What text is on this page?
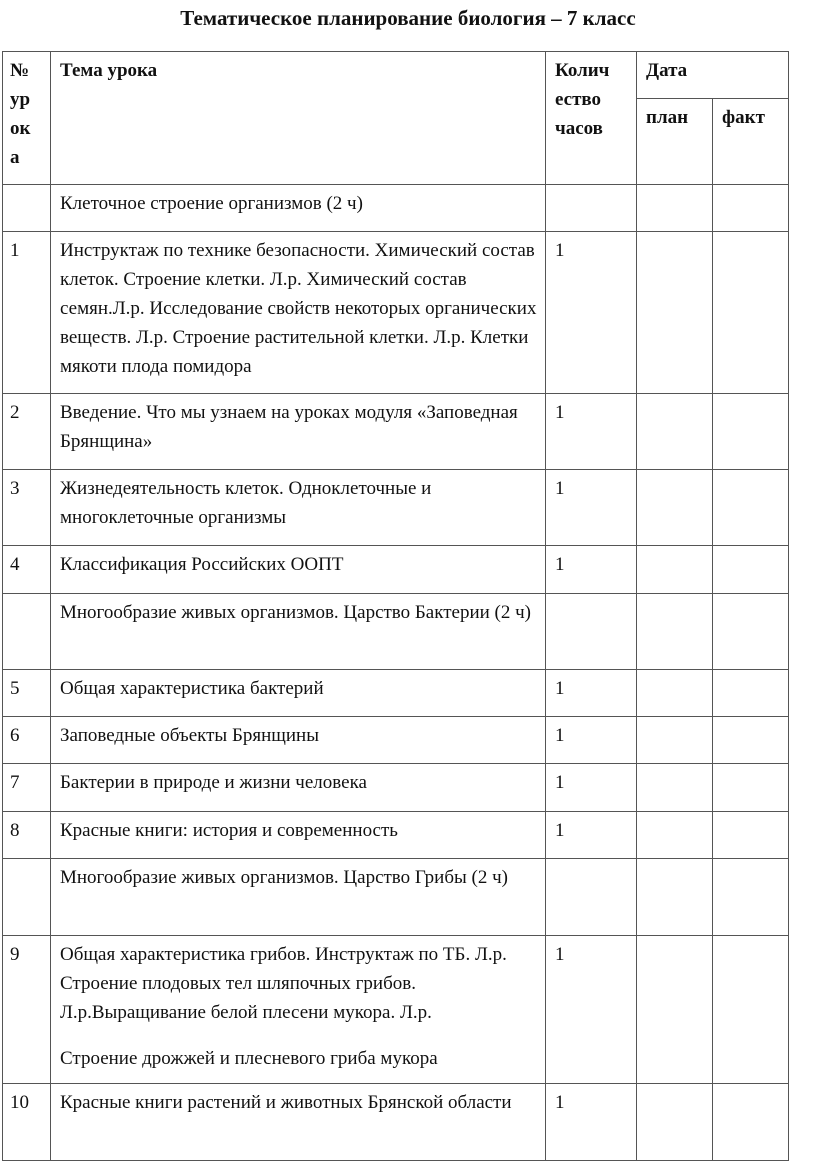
Тематическое планирование биология – 7 класс
№
ур
ок
а	Тема урока	Колич
ество
часов	Дата	
			план	факт
	Клеточное строение организмов (2 ч)			
1	Инструктаж по технике безопасности. Химический состав клеток. Строение клетки. Л.р. Химический состав семян.Л.р. Исследование свойств некоторых органических веществ. Л.р. Строение растительной клетки. Л.р. Клетки мякоти плода помидора	1		
2	Введение. Что мы узнаем на уроках модуля «Заповедная Брянщина»	1		
3	Жизнедеятельность клеток. Одноклеточные и многоклеточные организмы	1		
4	Классификация Российских ООПТ	1		
	Многообразие живых организмов. Царство Бактерии (2 ч)			
5	Общая характеристика бактерий	1		
6	Заповедные объекты Брянщины	1		
7	Бактерии в природе и жизни человека	1		
8	Красные книги: история и современность	1		
	Многообразие живых организмов. Царство Грибы (2 ч)			
9	Общая характеристика грибов. Инструктаж по ТБ. Л.р. Строение плодовых тел шляпочных грибов. Л.р.Выращивание белой плесени мукора. Л.р.
Строение дрожжей и плесневого гриба мукора	1		
10	Красные книги растений и животных Брянской области	1		
